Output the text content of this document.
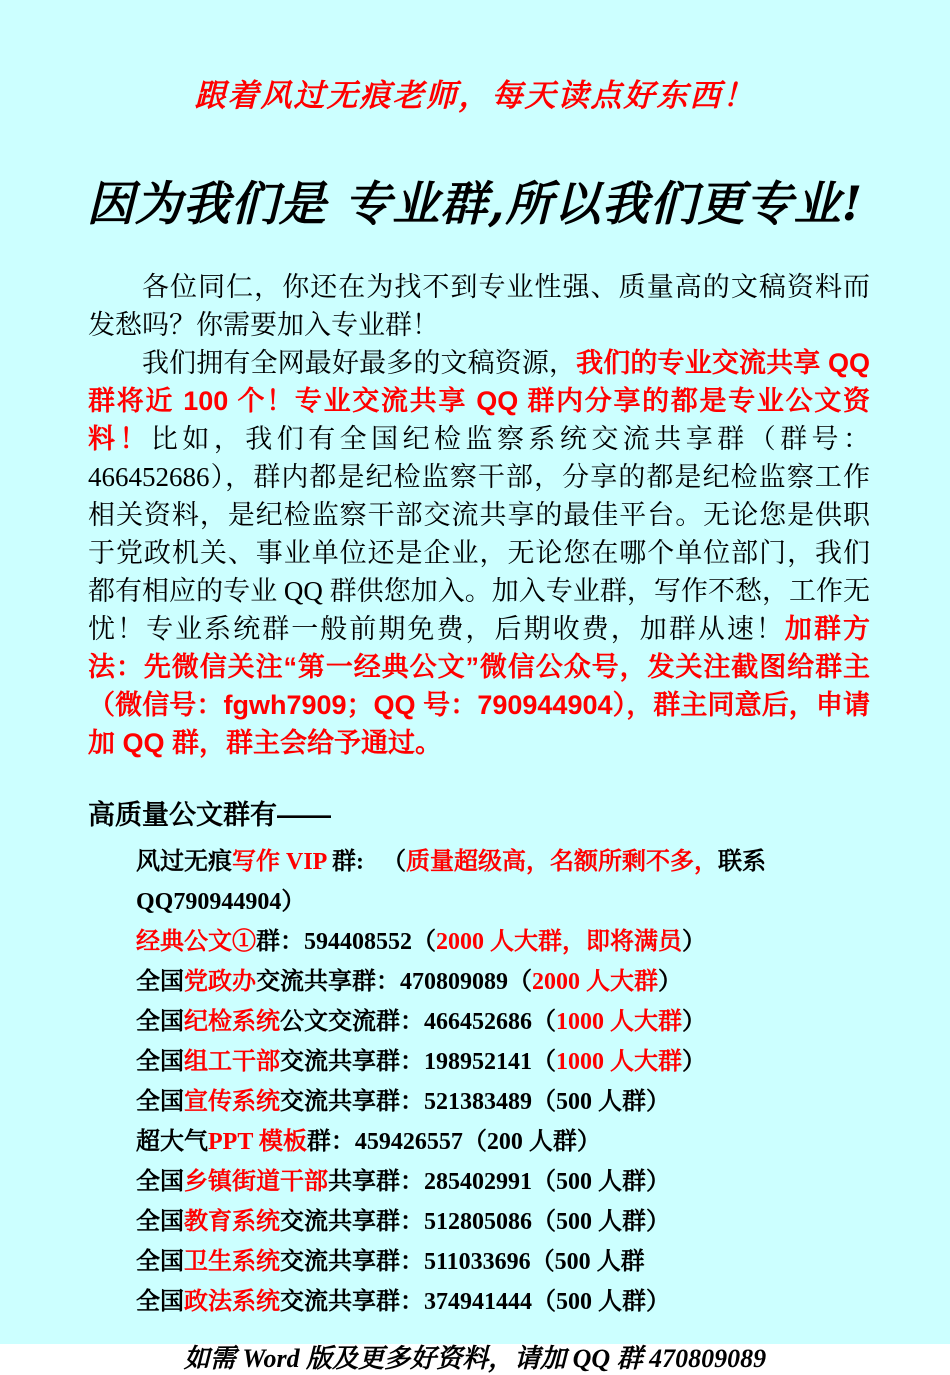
跟着风过无痕老师，每天读点好东西！
因为我们是 专业群,所以我们更专业!

各位同仁，你还在为找不到专业性强、质量高的文稿资料而发愁吗？你需要加入专业群！

我们拥有全网最好最多的文稿资源，我们的专业交流共享 QQ 群将近 100 个！专业交流共享 QQ 群内分享的都是专业公文资料！比如，我们有全国纪检监察系统交流共享群（群号：466452686），群内都是纪检监察干部，分享的都是纪检监察工作相关资料，是纪检监察干部交流共享的最佳平台。无论您是供职于党政机关、事业单位还是企业，无论您在哪个单位部门，我们都有相应的专业 QQ 群供您加入。加入专业群，写作不愁，工作无忧！专业系统群一般前期免费，后期收费，加群从速！加群方法：先微信关注“第一经典公文”微信公众号，发关注截图给群主（微信号：fgwh7909；QQ 号：790944904），群主同意后，申请加 QQ 群，群主会给予通过。

高质量公文群有——
风过无痕写作 VIP 群: 　（质量超级高，名额所剩不多，联系 QQ790944904）
经典公文①群：594408552（2000 人大群，即将满员）
全国党政办交流共享群：470809089（2000 人大群）
全国纪检系统公文交流群：466452686（1000 人大群）
全国组工干部交流共享群：198952141（1000 人大群）
全国宣传系统交流共享群：521383489（500 人群）
超大气PPT 模板群：459426557（200 人群）
全国乡镇街道干部共享群：285402991（500 人群）
全国教育系统交流共享群：512805086（500 人群）
全国卫生系统交流共享群：511033696（500 人群
全国政法系统交流共享群：374941444（500 人群）
如需 Word 版及更多好资料，请加 QQ 群 470809089
